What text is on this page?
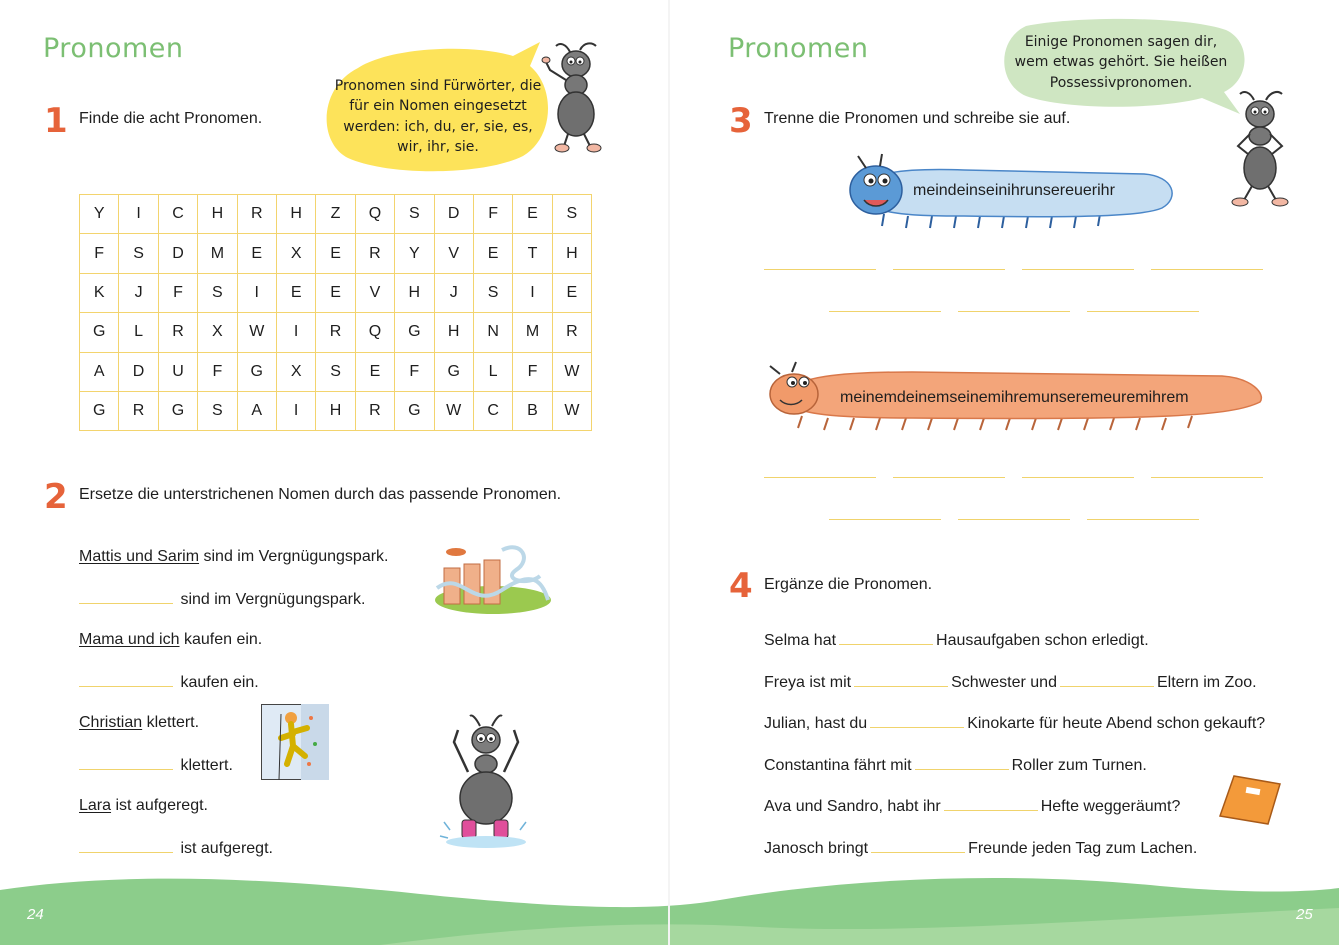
24	25
Pronomen
Pronomen sind Fürwörter, die für ein Nomen eingesetzt werden: ich, du, er, sie, es, wir, ihr, sie.
1 Finde die acht Pronomen.
Y	I	C	H	R	H	Z	Q	S	D	F	E	S
F	S	D	M	E	X	E	R	Y	V	E	T	H
K	J	F	S	I	E	E	V	H	J	S	I	E
G	L	R	X	W	I	R	Q	G	H	N	M	R
A	D	U	F	G	X	S	E	F	G	L	F	W
G	R	G	S	A	I	H	R	G	W	C	B	W
2 Ersetze die unterstrichenen Nomen durch das passende Pronomen.
Mattis und Sarim sind im Vergnügungspark.
sind im Vergnügungspark.
Mama und ich kaufen ein.
kaufen ein.
Christian klettert.
klettert.
Lara ist aufgeregt.
ist aufgeregt.
Pronomen	Einige Pronomen sagen dir, wem etwas gehört. Sie heißen Possessivpronomen.
3 Trenne die Pronomen und schreibe sie auf.
meindeinseinihrunsereuerihr
meinemdeinemseinemihremunseremeuremihrem
4 Ergänze die Pronomen.
Selma hat	Hausaufgaben schon erledigt.
Freya ist mit	Schwester und	Eltern im Zoo.
Julian, hast du	Kinokarte für heute Abend schon gekauft?
Constantina fährt mit	Roller zum Turnen.
Ava und Sandro, habt ihr	Hefte weggeräumt?
Janosch bringt	Freunde jeden Tag zum Lachen.
